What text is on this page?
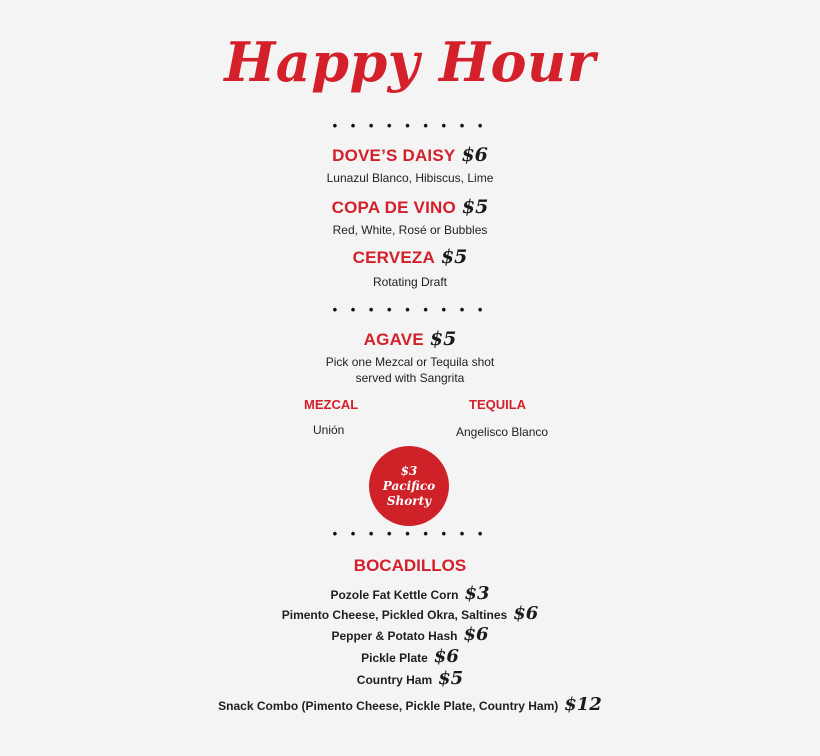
Happy Hour
• • • • • • • • •
DOVE’S DAISY $6
Lunazul Blanco, Hibiscus, Lime
COPA DE VINO $5
Red, White, Rosé or Bubbles
CERVEZA $5
Rotating Draft
• • • • • • • • •
AGAVE $5
Pick one Mezcal or Tequila shot
served with Sangrita
MEZCAL
Unión
TEQUILA
Angelisco Blanco
$3
Pacifico
Shorty
• • • • • • • • •
BOCADILLOS
Pozole Fat Kettle Corn $3
Pimento Cheese, Pickled Okra, Saltines $6
Pepper & Potato Hash $6
Pickle Plate $6
Country Ham $5
Snack Combo (Pimento Cheese, Pickle Plate, Country Ham) $12
